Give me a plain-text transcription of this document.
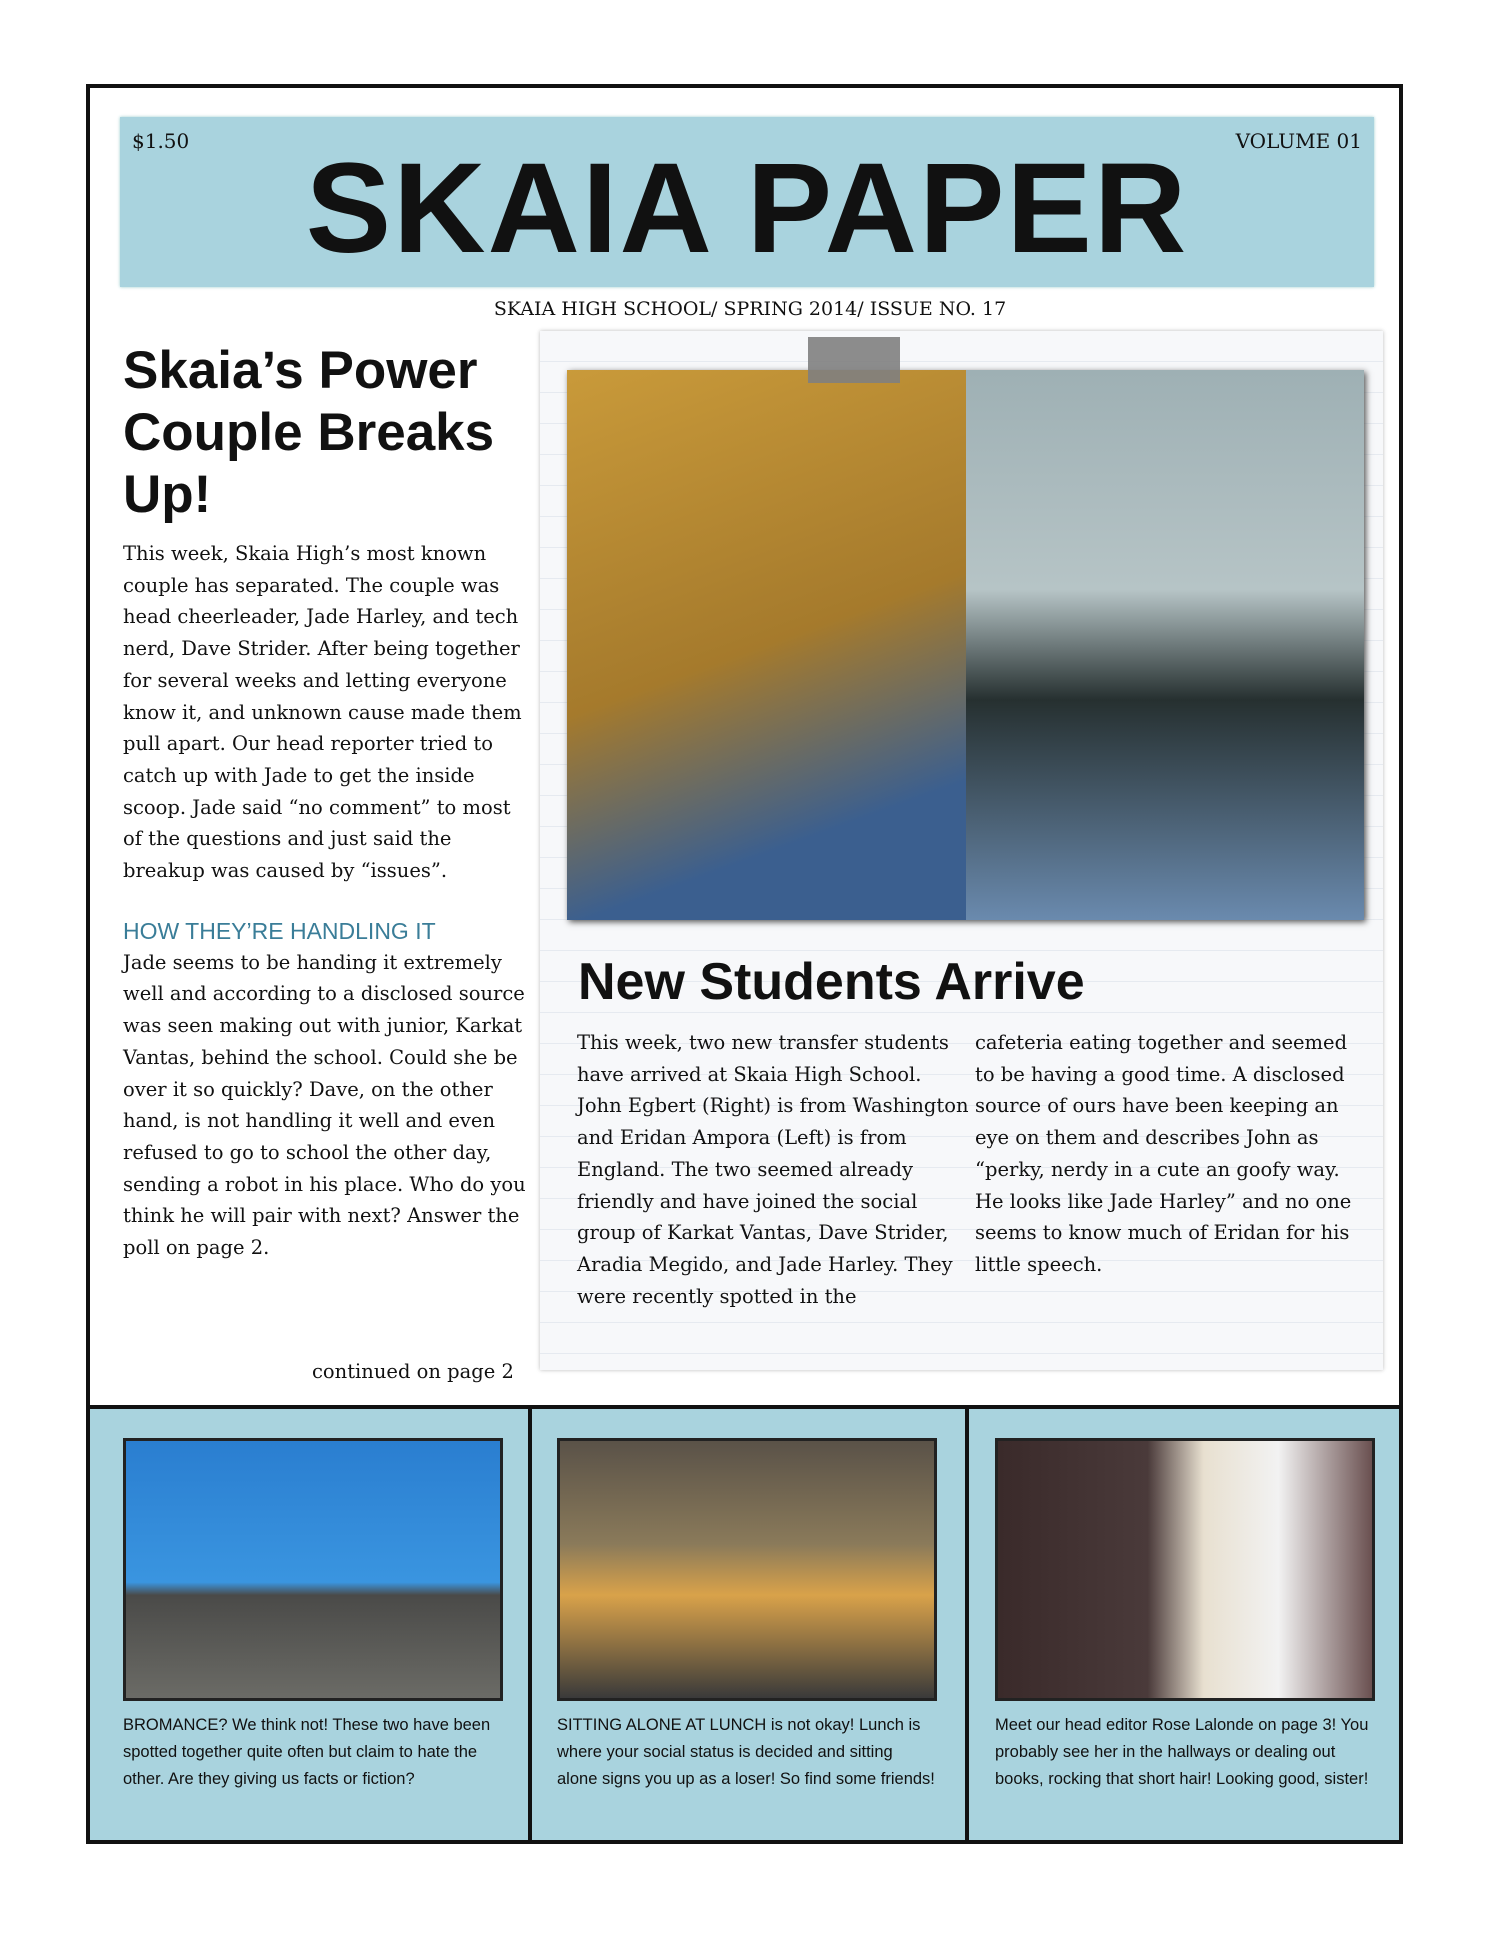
$1.50	VOLUME 01
SKAIA PAPER
SKAIA HIGH SCHOOL/ SPRING 2014/ ISSUE NO. 17
Skaia’s Power Couple Breaks Up!

This week, Skaia High’s most known couple has separated. The couple was head cheerleader, Jade Harley, and tech nerd, Dave Strider. After being together for several weeks and letting everyone know it, and unknown cause made them pull apart. Our head reporter tried to catch up with Jade to get the inside scoop. Jade said “no comment” to most of the questions and just said the breakup was caused by “issues”.

HOW THEY’RE HANDLING IT

Jade seems to be handing it extremely well and according to a disclosed source was seen making out with junior, Karkat Vantas, behind the school. Could she be over it so quickly? Dave, on the other hand, is not handling it well and even refused to go to school the other day, sending a robot in his place. Who do you think he will pair with next? Answer the poll on page 2.

continued on page 2
New Students Arrive

This week, two new transfer students have arrived at Skaia High School. John Egbert (Right) is from Washington and Eridan Ampora (Left) is from England. The two seemed already friendly and have joined the social group of Karkat Vantas, Dave Strider, Aradia Megido, and Jade Harley. They were recently spotted in the

cafeteria eating together and seemed to be having a good time. A disclosed source of ours have been keeping an eye on them and describes John as “perky, nerdy in a cute an goofy way. He looks like Jade Harley” and no one seems to know much of Eridan for his little speech.

BROMANCE? We think not! These two have been spotted together quite often but claim to hate the other. Are they giving us facts or fiction?

SITTING ALONE AT LUNCH is not okay! Lunch is where your social status is decided and sitting alone signs you up as a loser! So find some friends!

Meet our head editor Rose Lalonde on page 3! You probably see her in the hallways or dealing out books, rocking that short hair! Looking good, sister!
